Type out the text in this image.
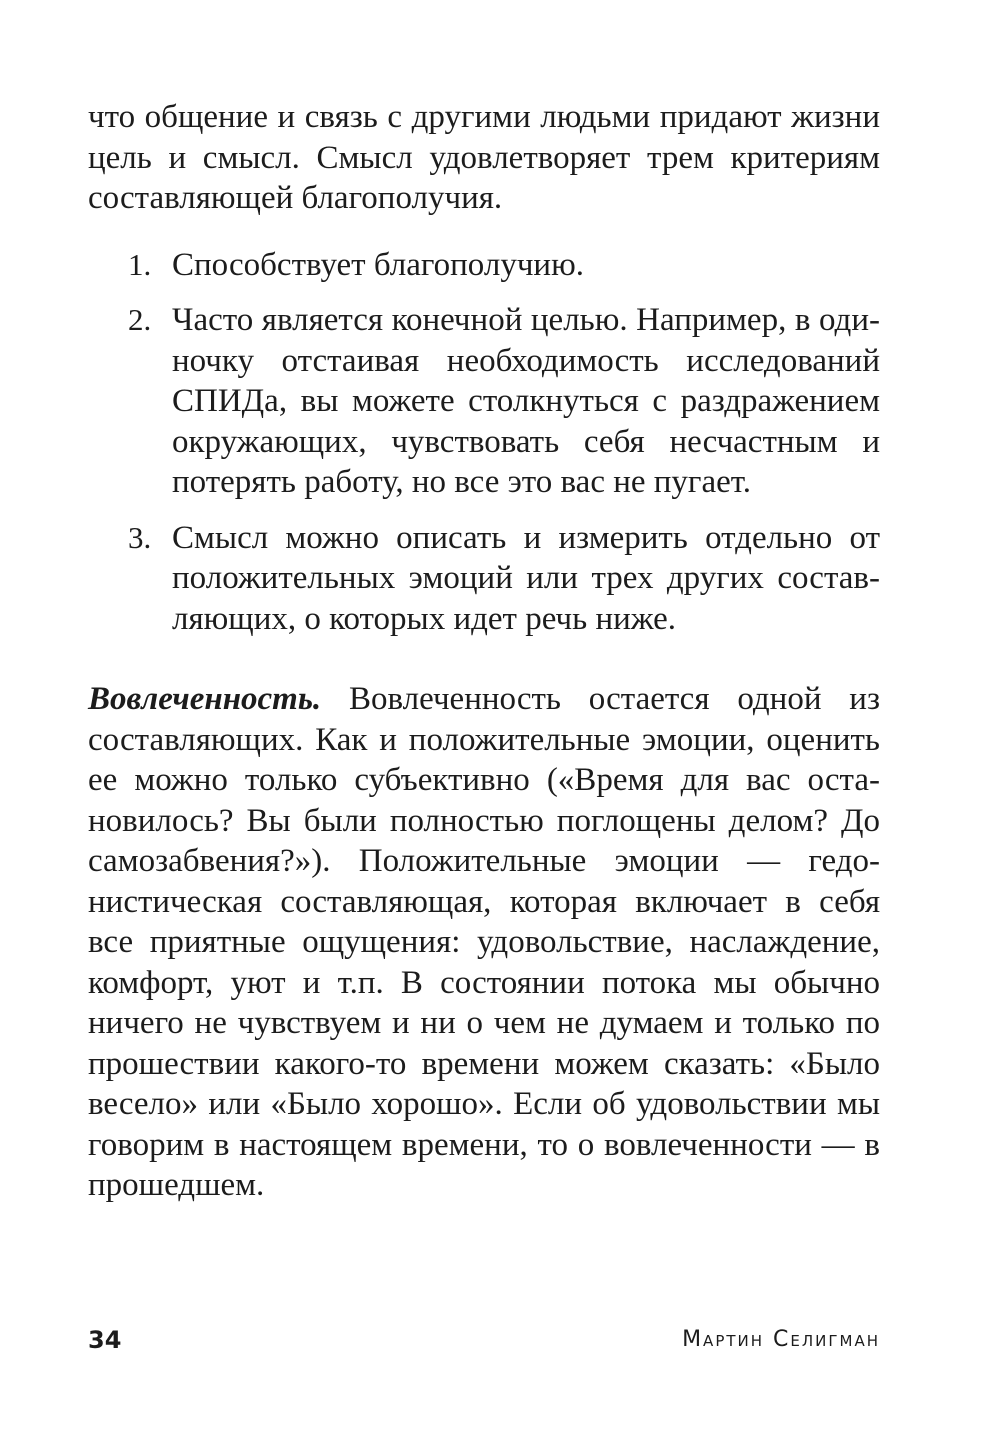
что общение и связь с другими людьми придают жизни цель и смысл. Смысл удовлетворяет трем критериям составляющей благополучия.

1. Способствует благополучию.
2. Часто является конечной целью. Например, в одиночку отстаивая необходимость исследований СПИДа, вы можете столкнуться с раздражением окружающих, чувствовать себя несчастным и потерять работу, но все это вас не пугает.
3. Смысл можно описать и измерить отдельно от положительных эмоций или трех других составляющих, о которых идет речь ниже.

Вовлеченность. Вовлеченность остается одной из составляющих. Как и положительные эмоции, оценить ее можно только субъективно («Время для вас остановилось? Вы были полностью поглощены делом? До самозабвения?»). Положительные эмоции — гедонистическая составляющая, которая включает в себя все приятные ощущения: удовольствие, наслаждение, комфорт, уют и т.п. В состоянии потока мы обычно ничего не чувствуем и ни о чем не думаем и только по прошествии какого-то времени можем сказать: «Было весело» или «Было хорошо». Если об удовольствии мы говорим в настоящем времени, то о вовлеченности — в прошедшем.

34	Мартин Селигман
